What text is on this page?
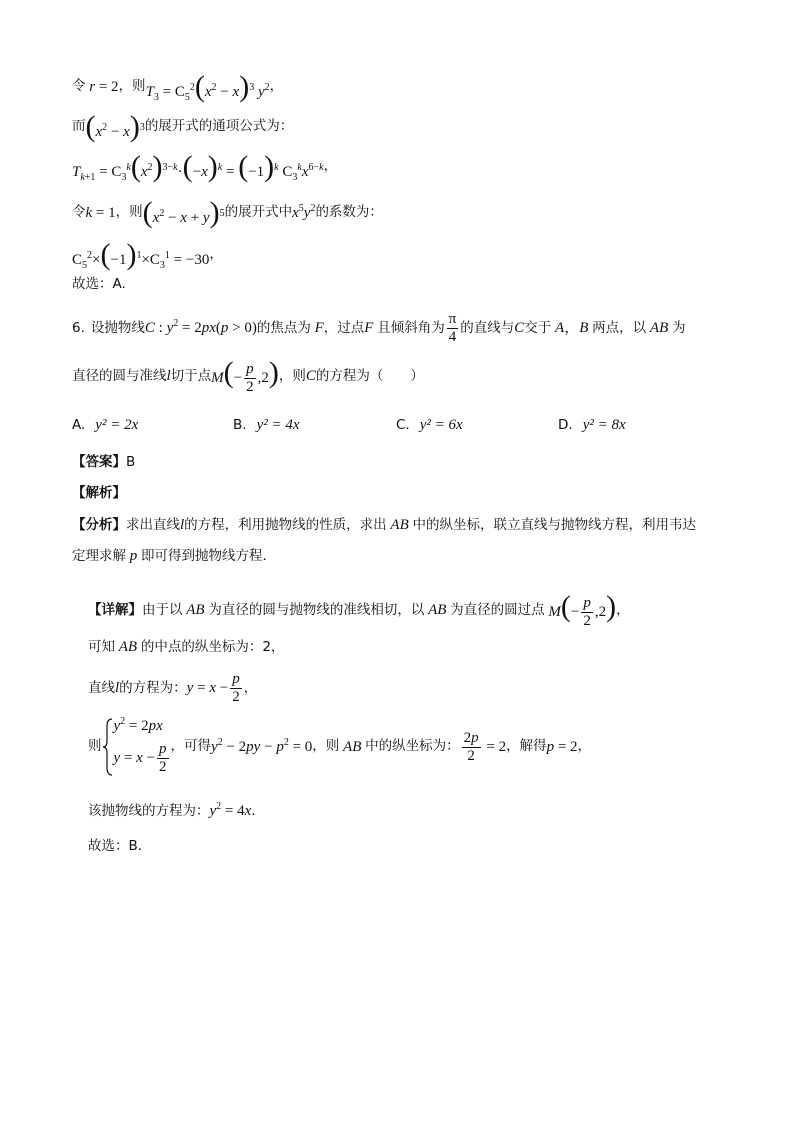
令 r = 2 ，则 $T_3 = C_5^2(x^2 - x)^3$ $y^2$ ，
而 $(x^2 - x)^3$ 的展开式的通项公式为：
$T_{k+1} = C_3^k(x^2)^{3-k}\cdot(-x)^k = (-1)^k$ $C_3^kx^{6-k}$ ，
令 k = 1 ，则 $(x^2 - x + y)^5$ 的展开式中 $x^5y^2$ 的系数为：
$C_5^2\times(-1)^1\times C_3^1 = -30$ ，
故选：A.
6. 设抛物线 C : $y^2 = 2px(p > 0)$ 的焦点为 F ，过点 F 且倾斜角为 $\frac{\pi}{4}$ 的直线与 C 交于 A，B 两点，以 AB 为
直径的圆与准线 l 切于点 $M(- \frac{p}{2} ,2)$ ，则 C 的方程为（　　）
A. y² = 2x	B. y² = 4x	C. y² = 6x	D. y² = 8x
【答案】 B
【解析】
【分析】 求出直线 l 的方程，利用抛物线的性质，求出 AB 中的纵坐标，联立直线与抛物线方程，利用韦达
定理求解 p 即可得到抛物线方程．
【详解】 由于以 AB 为直径的圆与抛物线的准线相切，以 AB 为直径的圆过点 $M(- \frac{p}{2} ,2)$ ，
可知 AB 的中点的纵坐标为：2，
直线 l 的方程为： $y = x - \frac{p}{2}$ ，
则
$y^2 = 2px$
$y = x - \frac{p}{2}$ ，可得 $y^2 - 2py - p^2 = 0$ ，则 AB 中的纵坐标为： $\frac{2p}{2} = 2$ ，解得 p = 2 ，
该抛物线的方程为： $y^2 = 4x$ ．
故选：B．
